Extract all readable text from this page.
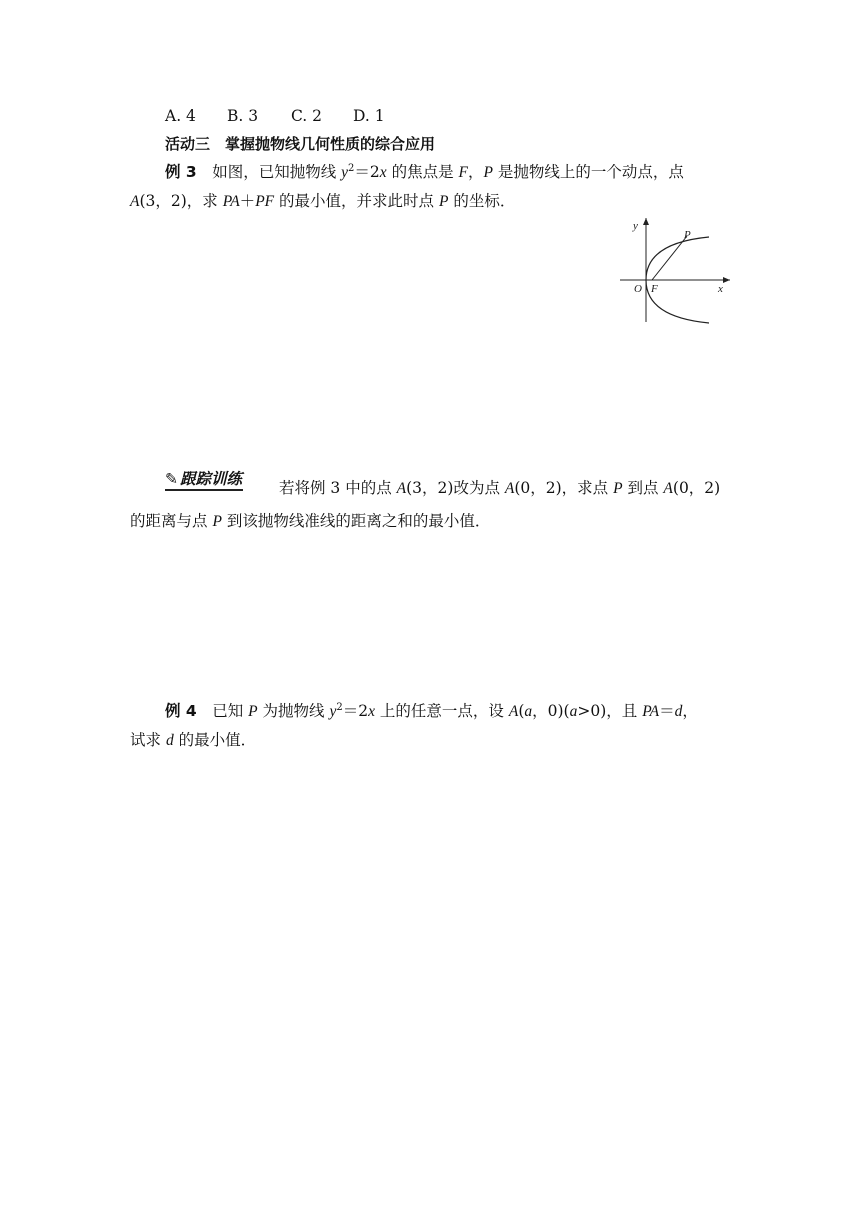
A. 4 B. 3 C. 2 D. 1
活动三　掌握抛物线几何性质的综合应用
例 3　 如图，已知抛物线 $y^2=2x$ 的焦点是 F，P 是抛物线上的一个动点，点
A(3，2)，求 PA＋PF 的最小值，并求此时点 P 的坐标．
y
x
O F
P
✎ 跟踪训练 若将例 3 中的点 A(3，2)改为点 A(0，2)，求点 P 到点 A(0，2)
的距离与点 P 到该抛物线准线的距离之和的最小值．
例 4　 已知 P 为抛物线 $y^2=2x$ 上的任意一点，设 A(a，0)(a>0)，且 PA＝d，
试求 d 的最小值．
